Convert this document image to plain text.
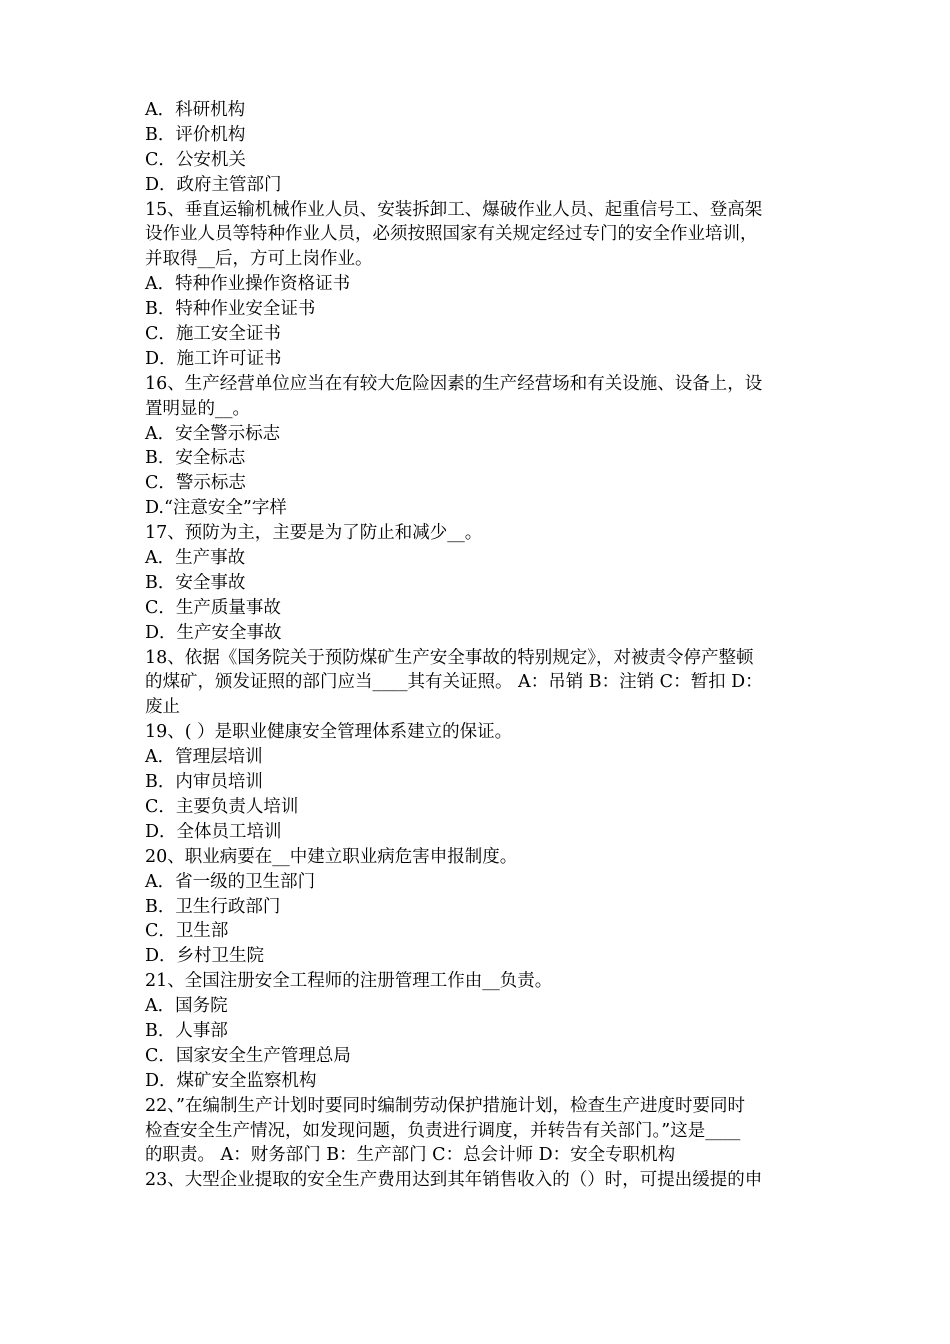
A．科研机构
B．评价机构
C．公安机关
D．政府主管部门
15、垂直运输机械作业人员、安装拆卸工、爆破作业人员、起重信号工、登高架
设作业人员等特种作业人员，必须按照国家有关规定经过专门的安全作业培训，
并取得__后，方可上岗作业。
A．特种作业操作资格证书
B．特种作业安全证书
C．施工安全证书
D．施工许可证书
16、生产经营单位应当在有较大危险因素的生产经营场和有关设施、设备上，设
置明显的__。
A．安全警示标志
B．安全标志
C．警示标志
D.“注意安全”字样
17、预防为主，主要是为了防止和减少__。
A．生产事故
B．安全事故
C．生产质量事故
D．生产安全事故
18、依据《国务院关于预防煤矿生产安全事故的特别规定》，对被责令停产整顿
的煤矿，颁发证照的部门应当____其有关证照。 A：吊销 B：注销 C：暂扣 D：
废止
19、( ）是职业健康安全管理体系建立的保证。
A．管理层培训
B．内审员培训
C．主要负责人培训
D．全体员工培训
20、职业病要在__中建立职业病危害申报制度。
A．省一级的卫生部门
B．卫生行政部门
C．卫生部
D．乡村卫生院
21、全国注册安全工程师的注册管理工作由__负责。
A．国务院
B．人事部
C．国家安全生产管理总局
D．煤矿安全监察机构
22、”在编制生产计划时要同时编制劳动保护措施计划，检查生产进度时要同时
检查安全生产情况，如发现问题，负责进行调度，并转告有关部门。”这是____
的职责。 A：财务部门 B：生产部门 C：总会计师 D：安全专职机构
23、大型企业提取的安全生产费用达到其年销售收入的（）时，可提出缓提的申
